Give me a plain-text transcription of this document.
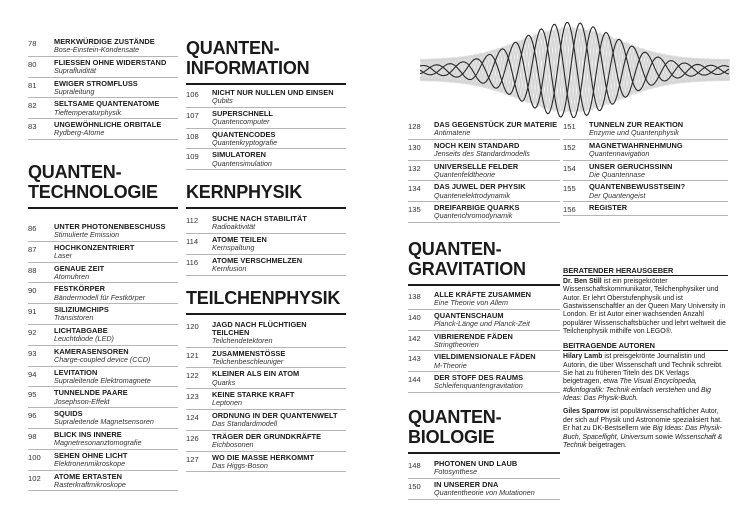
78	MERKWÜRDIGE ZUSTÄNDE
Bose-Einstein-Kondensate
80	FLIESSEN OHNE WIDERSTAND
Suprafluidität
81	EWIGER STROMFLUSS
Supraleitung
82	SELTSAME QUANTENATOME
Tieftemperaturphysik
83	UNGEWÖHNLICHE ORBITALE
Rydberg-Atome
QUANTEN-
TECHNOLOGIE
86	UNTER PHOTONENBESCHUSS
Stimulierte Emission
87	HOCHKONZENTRIERT
Laser
88	GENAUE ZEIT
Atomuhren
90	FESTKÖRPER
Bändermodell für Festkörper
91	SILIZIUMCHIPS
Transistoren
92	LICHTABGABE
Leuchtdiode (LED)
93	KAMERASENSOREN
Charge-coupled device (CCD)
94	LEVITATION
Supraleitende Elektromagnete
95	TUNNELNDE PAARE
Josephson-Effekt
96	SQUIDS
Supraleitende Magnetsensoren
98	BLICK INS INNERE
Magnetresonanztomografie
100	SEHEN OHNE LICHT
Elektronenmikroskope
102	ATOME ERTASTEN
Rasterkraftmikroskope
QUANTEN-
INFORMATION
106	NICHT NUR NULLEN UND EINSEN
Qubits
107	SUPERSCHNELL
Quantencomputer
108	QUANTENCODES
Quantenkryptografie
109	SIMULATOREN
Quantensimulation
KERNPHYSIK
112	SUCHE NACH STABILITÄT
Radioaktivität
114	ATOME TEILEN
Kernspaltung
116	ATOME VERSCHMELZEN
Kernfusion
TEILCHENPHYSIK
120	JAGD NACH FLÜCHTIGEN TEILCHEN
Teilchendetektoren
121	ZUSAMMENSTÖSSE
Teilchenbeschleuniger
122	KLEINER ALS EIN ATOM
Quarks
123	KEINE STARKE KRAFT
Leptonen
124	ORDNUNG IN DER QUANTENWELT
Das Standardmodell
126	TRÄGER DER GRUNDKRÄFTE
Eichbosonen
127	WO DIE MASSE HERKOMMT
Das Higgs-Boson
128	DAS GEGENSTÜCK ZUR MATERIE
Antimaterie
130	NOCH KEIN STANDARD
Jenseits des Standardmodells
132	UNIVERSELLE FELDER
Quantenfeldtheorie
134	DAS JUWEL DER PHYSIK
Quantenelektrodynamik
135	DREIFARBIGE QUARKS
Quantenchromodynamik
QUANTEN-
GRAVITATION
138	ALLE KRÄFTE ZUSAMMEN
Eine Theorie von Allem
140	QUANTENSCHAUM
Planck-Länge und Planck-Zeit
142	VIBRIERENDE FÄDEN
Stringtheorien
143	VIELDIMENSIONALE FÄDEN
M-Theorie
144	DER STOFF DES RAUMS
Schleifenquantengravitation
QUANTEN-
BIOLOGIE
148	PHOTONEN UND LAUB
Fotosynthese
150	IN UNSERER DNA
Quantentheorie von Mutationen
151	TUNNELN ZUR REAKTION
Enzyme und Quantenphysik
152	MAGNETWAHRNEHMUNG
Quantennavigation
154	UNSER GERUCHSSINN
Die Quantennase
155	QUANTENBEWUSSTSEIN?
Der Quantengeist
156	REGISTER
BERATENDER HERAUSGEBER

Dr. Ben Still ist ein preisgekrönter Wissenschaftskommunikator, Teilchenphysiker und Autor. Er lehrt Oberstufenphysik und ist Gastwissenschaftler an der Queen Mary University in London. Er ist Autor einer wachsenden Anzahl populärer Wissenschaftsbücher und lehrt weltweit die Teilchenphysik mithilfe von LEGO®.

BEITRAGENDE AUTOREN

Hilary Lamb ist preisgekrönte Journalistin und Autorin, die über Wissenschaft und Technik schreibt. Sie hat zu früheren Titeln des DK Verlags beigetragen, etwa The Visual Encyclopedia, #dkinfografik: Technik einfach verstehen und Big Ideas: Das Physik-Buch.

Giles Sparrow ist populärwissenschaftlicher Autor, der sich auf Physik und Astronomie spezialisiert hat. Er hat zu DK-Bestsellern wie Big Ideas: Das Physik-Buch, Spaceflight, Universum sowie Wissenschaft & Technik beigetragen.
